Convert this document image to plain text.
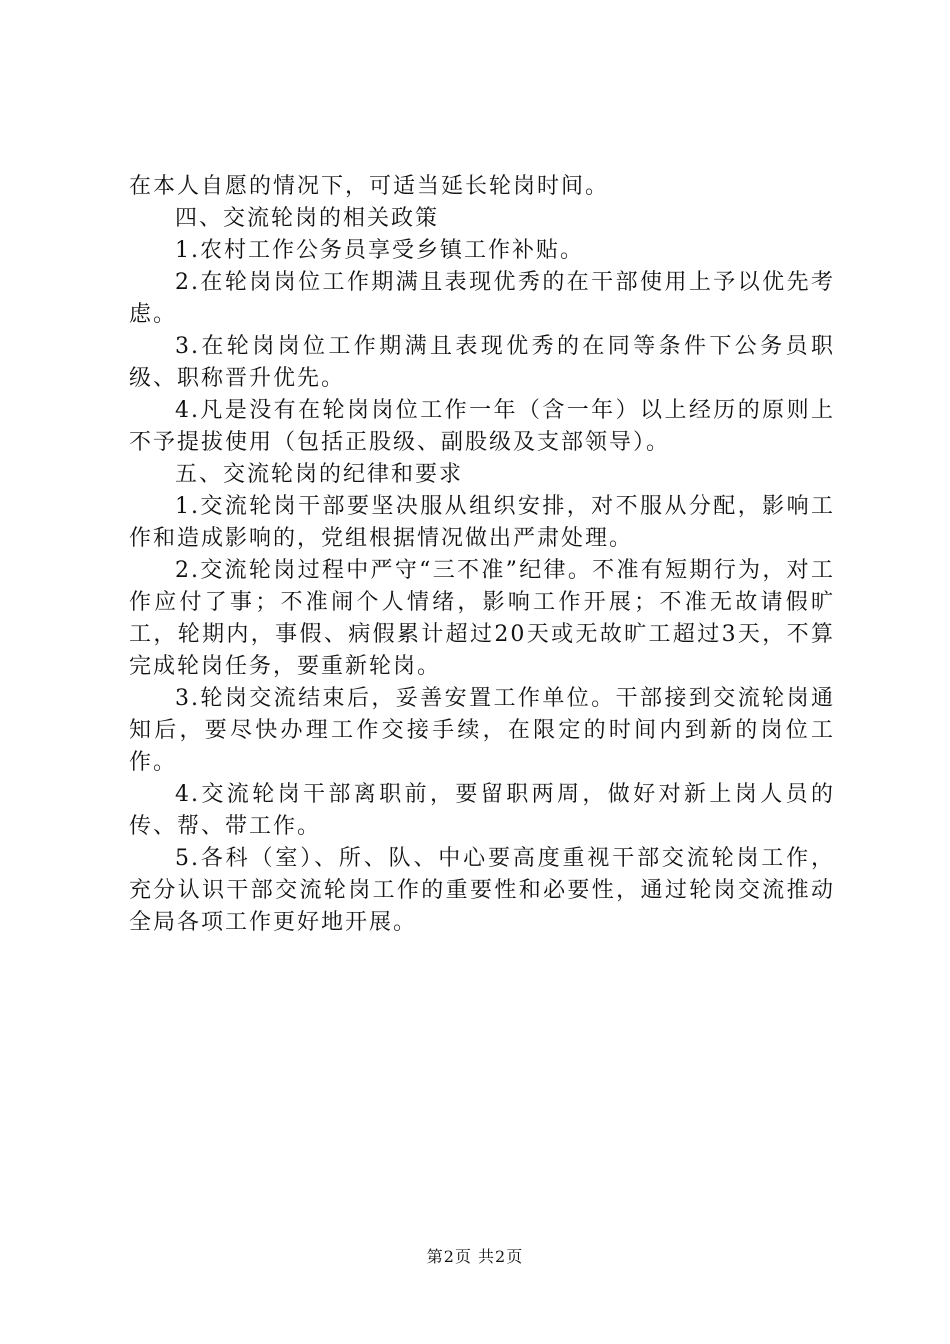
在本人自愿的情况下，可适当延长轮岗时间。

四、交流轮岗的相关政策

1.农村工作公务员享受乡镇工作补贴。

2.在轮岗岗位工作期满且表现优秀的在干部使用上予以优先考虑。

3.在轮岗岗位工作期满且表现优秀的在同等条件下公务员职级、职称晋升优先。

4.凡是没有在轮岗岗位工作一年（含一年）以上经历的原则上不予提拔使用（包括正股级、副股级及支部领导）。

五、交流轮岗的纪律和要求

1.交流轮岗干部要坚决服从组织安排，对不服从分配，影响工作和造成影响的，党组根据情况做出严肃处理。

2.交流轮岗过程中严守“三不准”纪律。不准有短期行为，对工作应付了事；不准闹个人情绪，影响工作开展；不准无故请假旷工，轮期内，事假、病假累计超过20天或无故旷工超过3天，不算完成轮岗任务，要重新轮岗。

3.轮岗交流结束后，妥善安置工作单位。干部接到交流轮岗通知后，要尽快办理工作交接手续，在限定的时间内到新的岗位工作。

4.交流轮岗干部离职前，要留职两周，做好对新上岗人员的传、帮、带工作。

5.各科（室）、所、队、中心要高度重视干部交流轮岗工作，充分认识干部交流轮岗工作的重要性和必要性，通过轮岗交流推动全局各项工作更好地开展。

第2页 共2页
